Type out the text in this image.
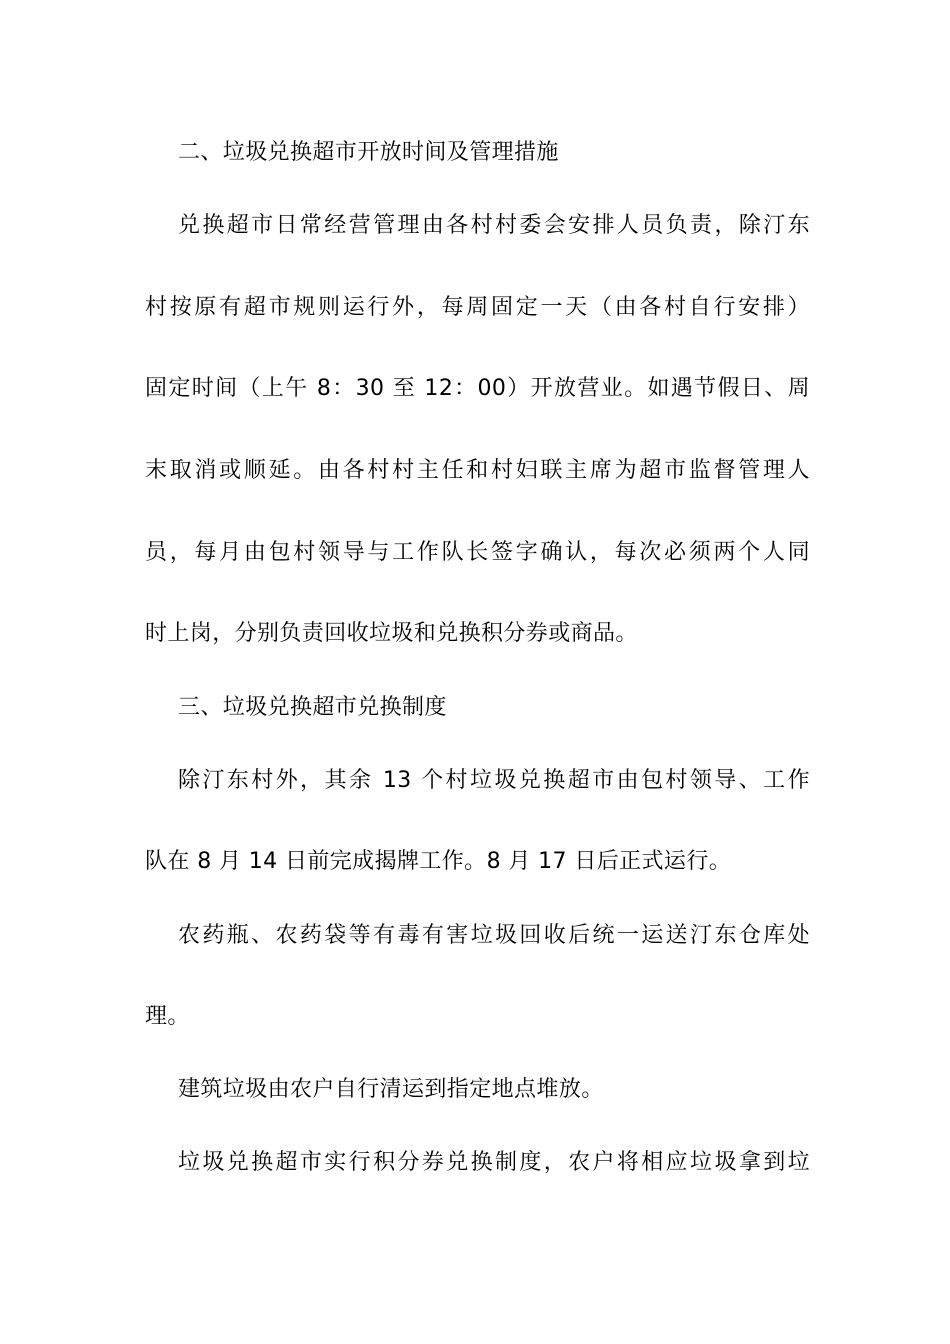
二、垃圾兑换超市开放时间及管理措施
兑换超市日常经营管理由各村村委会安排人员负责，除汀东
村按原有超市规则运行外，每周固定一天（由各村自行安排）
固定时间（上午 8：30 至 12：00）开放营业。如遇节假日、周
末取消或顺延。由各村村主任和村妇联主席为超市监督管理人
员，每月由包村领导与工作队长签字确认，每次必须两个人同
时上岗，分别负责回收垃圾和兑换积分券或商品。
三、垃圾兑换超市兑换制度
除汀东村外，其余 13 个村垃圾兑换超市由包村领导、工作
队在 8 月 14 日前完成揭牌工作。8 月 17 日后正式运行。
农药瓶、农药袋等有毒有害垃圾回收后统一运送汀东仓库处
理。
建筑垃圾由农户自行清运到指定地点堆放。
垃圾兑换超市实行积分券兑换制度，农户将相应垃圾拿到垃
